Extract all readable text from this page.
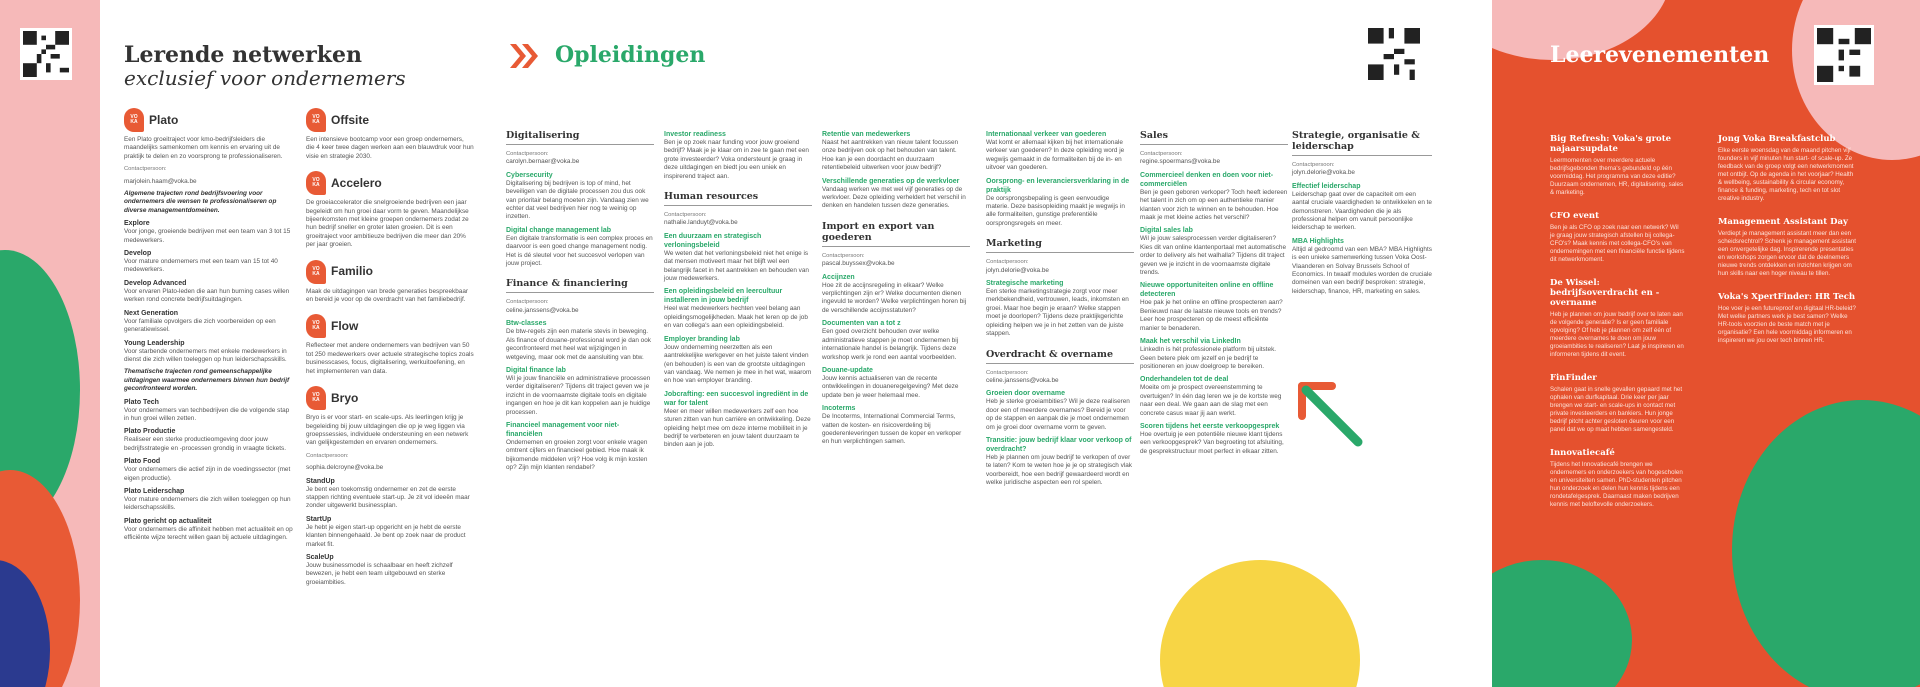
Lerende netwerken
exclusief voor ondernemers
Opleidingen
VO
KA Plato

Een Plato groeitraject voor kmo-bedrijfsleiders die maandelijks samenkomen om kennis en ervaring uit de praktijk te delen en zo voorsprong te professionaliseren.

Contactpersoon:

marjolein.haam@voka.be

Algemene trajecten rond bedrijfsvoering voor ondernemers die wensen te professionaliseren op diverse managementdomeinen.

Explore

Voor jonge, groeiende bedrijven met een team van 3 tot 15 medewerkers.

Develop

Voor mature ondernemers met een team van 15 tot 40 medewerkers.

Develop Advanced

Voor ervaren Plato-leden die aan hun burning cases willen werken rond concrete bedrijfsuitdagingen.

Next Generation

Voor familiale opvolgers die zich voorbereiden op een generatiewissel.

Young Leadership

Voor starbende ondernemers met enkele medewerkers in dienst die zich willen toeleggen op hun leiderschapsskills.

Thematische trajecten rond gemeenschappelijke uitdagingen waarmee ondernemers binnen hun bedrijf geconfronteerd worden.

Plato Tech

Voor ondernemers van techbedrijven die de volgende stap in hun groei willen zetten.

Plato Productie

Realiseer een sterke productieomgeving door jouw bedrijfsstrategie en -processen grondig in vraagte tickets.

Plato Food

Voor ondernemers die actief zijn in de voedingssector (met eigen productie).

Plato Leiderschap

Voor mature ondernemers die zich willen toeleggen op hun leiderschapsskills.

Plato gericht op actualiteit

Voor ondernemers die affiniteit hebben met actualiteit en op efficiënte wijze terecht willen gaan bij actuele uitdagingen.

VO
KA Offsite

Een intensieve bootcamp voor een groep ondernemers, die 4 keer twee dagen werken aan een blauwdruk voor hun visie en strategie 2030.

VO
KA Accelero

De groeiaccelerator die snelgroeiende bedrijven een jaar begeleidt om hun groei daar vorm te geven. Maandelijkse bijeenkomsten met kleine groepen ondernemers zodat ze hun bedrijf sneller en groter laten groeien. Dit is een groeitraject voor ambitieuze bedrijven die meer dan 20% per jaar groeien.

VO
KA Familio

Maak de uitdagingen van brede generaties bespreekbaar en bereid je voor op de overdracht van het familiebedrijf.

VO
KA Flow

Reflecteer met andere ondernemers van bedrijven van 50 tot 250 medewerkers over actuele strategische topics zoals businesscases, focus, digitalisering, werkuitoefening, en het implementeren van data.

VO
KA Bryo

Bryo is er voor start- en scale-ups. Als leerlingen krijg je begeleiding bij jouw uitdagingen die op je weg liggen via groepssessies, individuele ondersteuning en een netwerk van gelijkgestemden en ervaren ondernemers.

Contactpersoon:

sophia.delcroyne@voka.be

StandUp

Je bent een toekomstig ondernemer en zet de eerste stappen richting eventuele start-up. Je zit vol ideeën maar zonder uitgewerkt businessplan.

StartUp

Je hebt je eigen start-up opgericht en je hebt de eerste klanten binnengehaald. Je bent op zoek naar de product market fit.

ScaleUp

Jouw businessmodel is schaalbaar en heeft zichzelf bewezen, je hebt een team uitgebouwd en sterke groeiambities.

Digitalisering

Contactpersoon:

carolyn.bernaer@voka.be

Cybersecurity

Digitalisering bij bedrijven is top of mind, het beveiligen van de digitale processen zou dus ook van prioritair belang moeten zijn. Vandaag zien we echter dat veel bedrijven hier nog te weinig op inzetten.

Digital change management lab

Een digitale transformatie is een complex proces en daarvoor is een goed change management nodig. Het is dé sleutel voor het succesvol verlopen van jouw project.

Finance & financiering

Contactpersoon:

celine.janssens@voka.be

Btw-classes

De btw-regels zijn een materie stevis in beweging. Als finance of douane-professional word je dan ook geconfronteerd met heel wat wijzigingen in wetgeving, maar ook met de aansluiting van btw.

Digital finance lab

Wil je jouw financiële en administratieve processen verder digitaliseren? Tijdens dit traject geven we je inzicht in de voornaamste digitale tools en digitale ingangen en hoe je dit kan koppelen aan je huidige processen.

Financieel management voor niet-financiëlen

Ondernemen en groeien zorgt voor enkele vragen omtrent cijfers en financieel gebied. Hoe maak ik bijkomende middelen vrij? Hoe volg ik mijn kosten op? Zijn mijn klanten rendabel?

Investor readiness

Ben je op zoek naar funding voor jouw groeiend bedrijf? Maak je je klaar om in zee te gaan met een grote investeerder? Voka ondersteunt je graag in deze uitdagingen en biedt jou een uniek en inspirerend traject aan.

Human resources

Contactpersoon:

nathalie.landuyt@voka.be

Een duurzaam en strategisch verloningsbeleid

We weten dat het verloningsbeleid niet het enige is dat mensen motiveert maar het blijft wel een belangrijk facet in het aantrekken en behouden van jouw medewerkers.

Een opleidingsbeleid en leercultuur installeren in jouw bedrijf

Heel wat medewerkers hechten veel belang aan opleidingsmogelijkheden. Maak het leren op de job en van collega's aan een opleidingsbeleid.

Employer branding lab

Jouw onderneming neerzetten als een aantrekkelijke werkgever en het juiste talent vinden (en behouden) is een van de grootste uitdagingen van vandaag. We nemen je mee in het wat, waarom en hoe van employer branding.

Jobcrafting: een succesvol ingrediënt in de war for talent

Meer en meer willen medewerkers zelf een hoe sturen zitten van hun carrière en ontwikkeling. Deze opleiding helpt mee om deze interne mobiliteit in je bedrijf te verbeteren en jouw talent duurzaam te binden aan je job.

Retentie van medewerkers

Naast het aantrekken van nieuw talent focussen onze bedrijven ook op het behouden van talent. Hoe kan je een doordacht en duurzaam retentiebeleid uitwerken voor jouw bedrijf?

Verschillende generaties op de werkvloer

Vandaag werken we met wel vijf generaties op de werkvloer. Deze opleiding verheldert het verschil in denken en handelen tussen deze generaties.

Import en export van goederen

Contactpersoon:

pascal.buyssex@voka.be

Accijnzen

Hoe zit de accijnsregeling in elkaar? Welke verplichtingen zijn er? Welke documenten dienen ingevuld te worden? Welke verplichtingen horen bij de verschillende accijnsstatuten?

Documenten van a tot z

Een goed overzicht behouden over welke administratieve stappen je moet ondernemen bij internationale handel is belangrijk. Tijdens deze workshop werk je rond een aantal voorbeelden.

Douane-update

Jouw kennis actualiseren van de recente ontwikkelingen in douaneregelgeving? Met deze update ben je weer helemaal mee.

Incoterms

De Incoterms, International Commercial Terms, vatten de kosten- en risicoverdeling bij goederenleveringen tussen de koper en verkoper en hun verplichtingen samen.

Internationaal verkeer van goederen

Wat komt er allemaal kijken bij het internationale verkeer van goederen? In deze opleiding word je wegwijs gemaakt in de formaliteiten bij de in- en uitvoer van goederen.

Oorsprong- en leveranciersverklaring in de praktijk

De oorsprongsbepaling is geen eenvoudige materie. Deze basisopleiding maakt je wegwijs in alle formaliteiten, gunstige preferentiële oorsprongsregels en meer.

Marketing

Contactpersoon:

jolyn.delorie@voka.be

Strategische marketing

Een sterke marketingstrategie zorgt voor meer merkbekendheid, vertrouwen, leads, inkomsten en groei. Maar hoe begin je eraan? Welke stappen moet je doorlopen? Tijdens deze praktijkgerichte opleiding helpen we je in het zetten van de juiste stappen.

Overdracht & overname

Contactpersoon:

celine.janssens@voka.be

Groeien door overname

Heb je sterke groeiambities? Wil je deze realiseren door een of meerdere overnames? Bereid je voor op de stappen en aanpak die je moet ondernemen om je groei door overname vorm te geven.

Transitie: jouw bedrijf klaar voor verkoop of overdracht?

Heb je plannen om jouw bedrijf te verkopen of over te laten? Kom te weten hoe je je op strategisch vlak voorbereidt, hoe een bedrijf gewaardeerd wordt en welke juridische aspecten een rol spelen.

Sales

Contactpersoon:

regine.spoermans@voka.be

Commercieel denken en doen voor niet-commerciëlen

Ben je geen geboren verkoper? Toch heeft iedereen het talent in zich om op een authentieke manier klanten voor zich te winnen en te behouden. Hoe maak je met kleine acties het verschil?

Digital sales lab

Wil je jouw salesprocessen verder digitaliseren? Kies dit van online klantenportaal met automatische order to delivery als het walhalla? Tijdens dit traject geven we je inzicht in de voornaamste digitale trends.

Nieuwe opportuniteiten online en offline detecteren

Hoe pak je het online en offline prospecteren aan? Benieuwd naar de laatste nieuwe tools en trends? Leer hoe prospecteren op de meest efficiënte manier te benaderen.

Maak het verschil via LinkedIn

LinkedIn is hét professionele platform bij uitstek. Geen betere plek om jezelf en je bedrijf te positioneren en jouw doelgroep te bereiken.

Onderhandelen tot de deal

Moeite om je prospect overeenstemming te overtuigen? In één dag leren we je de kortste weg naar een deal. We gaan aan de slag met een concrete casus waar jij aan werkt.

Scoren tijdens het eerste verkoopgesprek

Hoe overtuig je een potentiële nieuwe klant tijdens een verkoopgesprek? Van begroeting tot afsluiting, de gesprekstructuur moet perfect in elkaar zitten.

Strategie, organisatie & leiderschap

Contactpersoon:

jolyn.delorie@voka.be

Effectief leiderschap

Leiderschap gaat over de capaciteit om een aantal cruciale vaardigheden te ontwikkelen en te demonstreren. Vaardigheden die je als professional helpen om vanuit persoonlijke leiderschap te werken.

MBA Highlights

Altijd al gedroomd van een MBA? MBA Highlights is een unieke samenwerking tussen Voka Oost-Vlaanderen en Solvay Brussels School of Economics. In twaalf modules worden de cruciale domeinen van een bedrijf besproken: strategie, leiderschap, finance, HR, marketing en sales.

Leerevenementen
Big Refresh: Voka's grote najaarsupdate

Leermomenten over meerdere actuele bedrijfsgebonden thema's gebundeld op één voormiddag. Het programma van deze editie? Duurzaam ondernemen, HR, digitalisering, sales & marketing.

CFO event

Ben je als CFO op zoek naar een netwerk? Wil je graag jouw strategisch afstellen bij collega-CFO's? Maak kennis met collega-CFO's van ondernemingen met een financiële functie tijdens dit netwerkmoment.

De Wissel: bedrijfsoverdracht en -overname

Heb je plannen om jouw bedrijf over te laten aan de volgende generatie? Is er geen familiale opvolging? Of heb je plannen om zelf één of meerdere overnames te doen om jouw groeiambities te realiseren? Laat je inspireren en informeren tijdens dit event.

FinFinder

Schalen gaat in snelle gevallen gepaard met het ophalen van durfkapitaal. Drie keer per jaar brengen we start- en scale-ups in contact met private investeerders en bankiers. Hun jonge bedrijf pitcht achter gesloten deuren voor een panel dat we op maat hebben samengesteld.

Innovatiecafé

Tijdens het Innovatiecafé brengen we ondernemers en onderzoekers van hogescholen en universiteiten samen. PhD-studenten pitchen hun onderzoek en delen hun kennis tijdens een rondetafelgesprek. Daarnaast maken bedrijven kennis met beloftevolle onderzoekers.

Jong Voka Breakfastclub

Elke eerste woensdag van de maand pitchen vijf founders in vijf minuten hun start- of scale-up. Ze feedback van de groep volgt een netwerkmoment met ontbijt. Op de agenda in het voorjaar? Health & wellbeing, sustainability & circular economy, finance & funding, marketing, tech en tot slot creative industry.

Management Assistant Day

Verdiept je management assistant meer dan een scheidsrechtrol? Schenk je management assistant een onvergetelijke dag. Inspirerende presentaties en workshops zorgen ervoor dat de deelnemers nieuwe trends ontdekken en inzichten krijgen om hun skills naar een hoger niveau te tillen.

Voka's XpertFinder: HR Tech

Hoe voer je een futureproof en digitaal HR-beleid? Met welke partners werk je best samen? Welke HR-tools voorzien de beste match met je organisatie? Een hele voormiddag informeren en inspireren we jou over tech binnen HR.
